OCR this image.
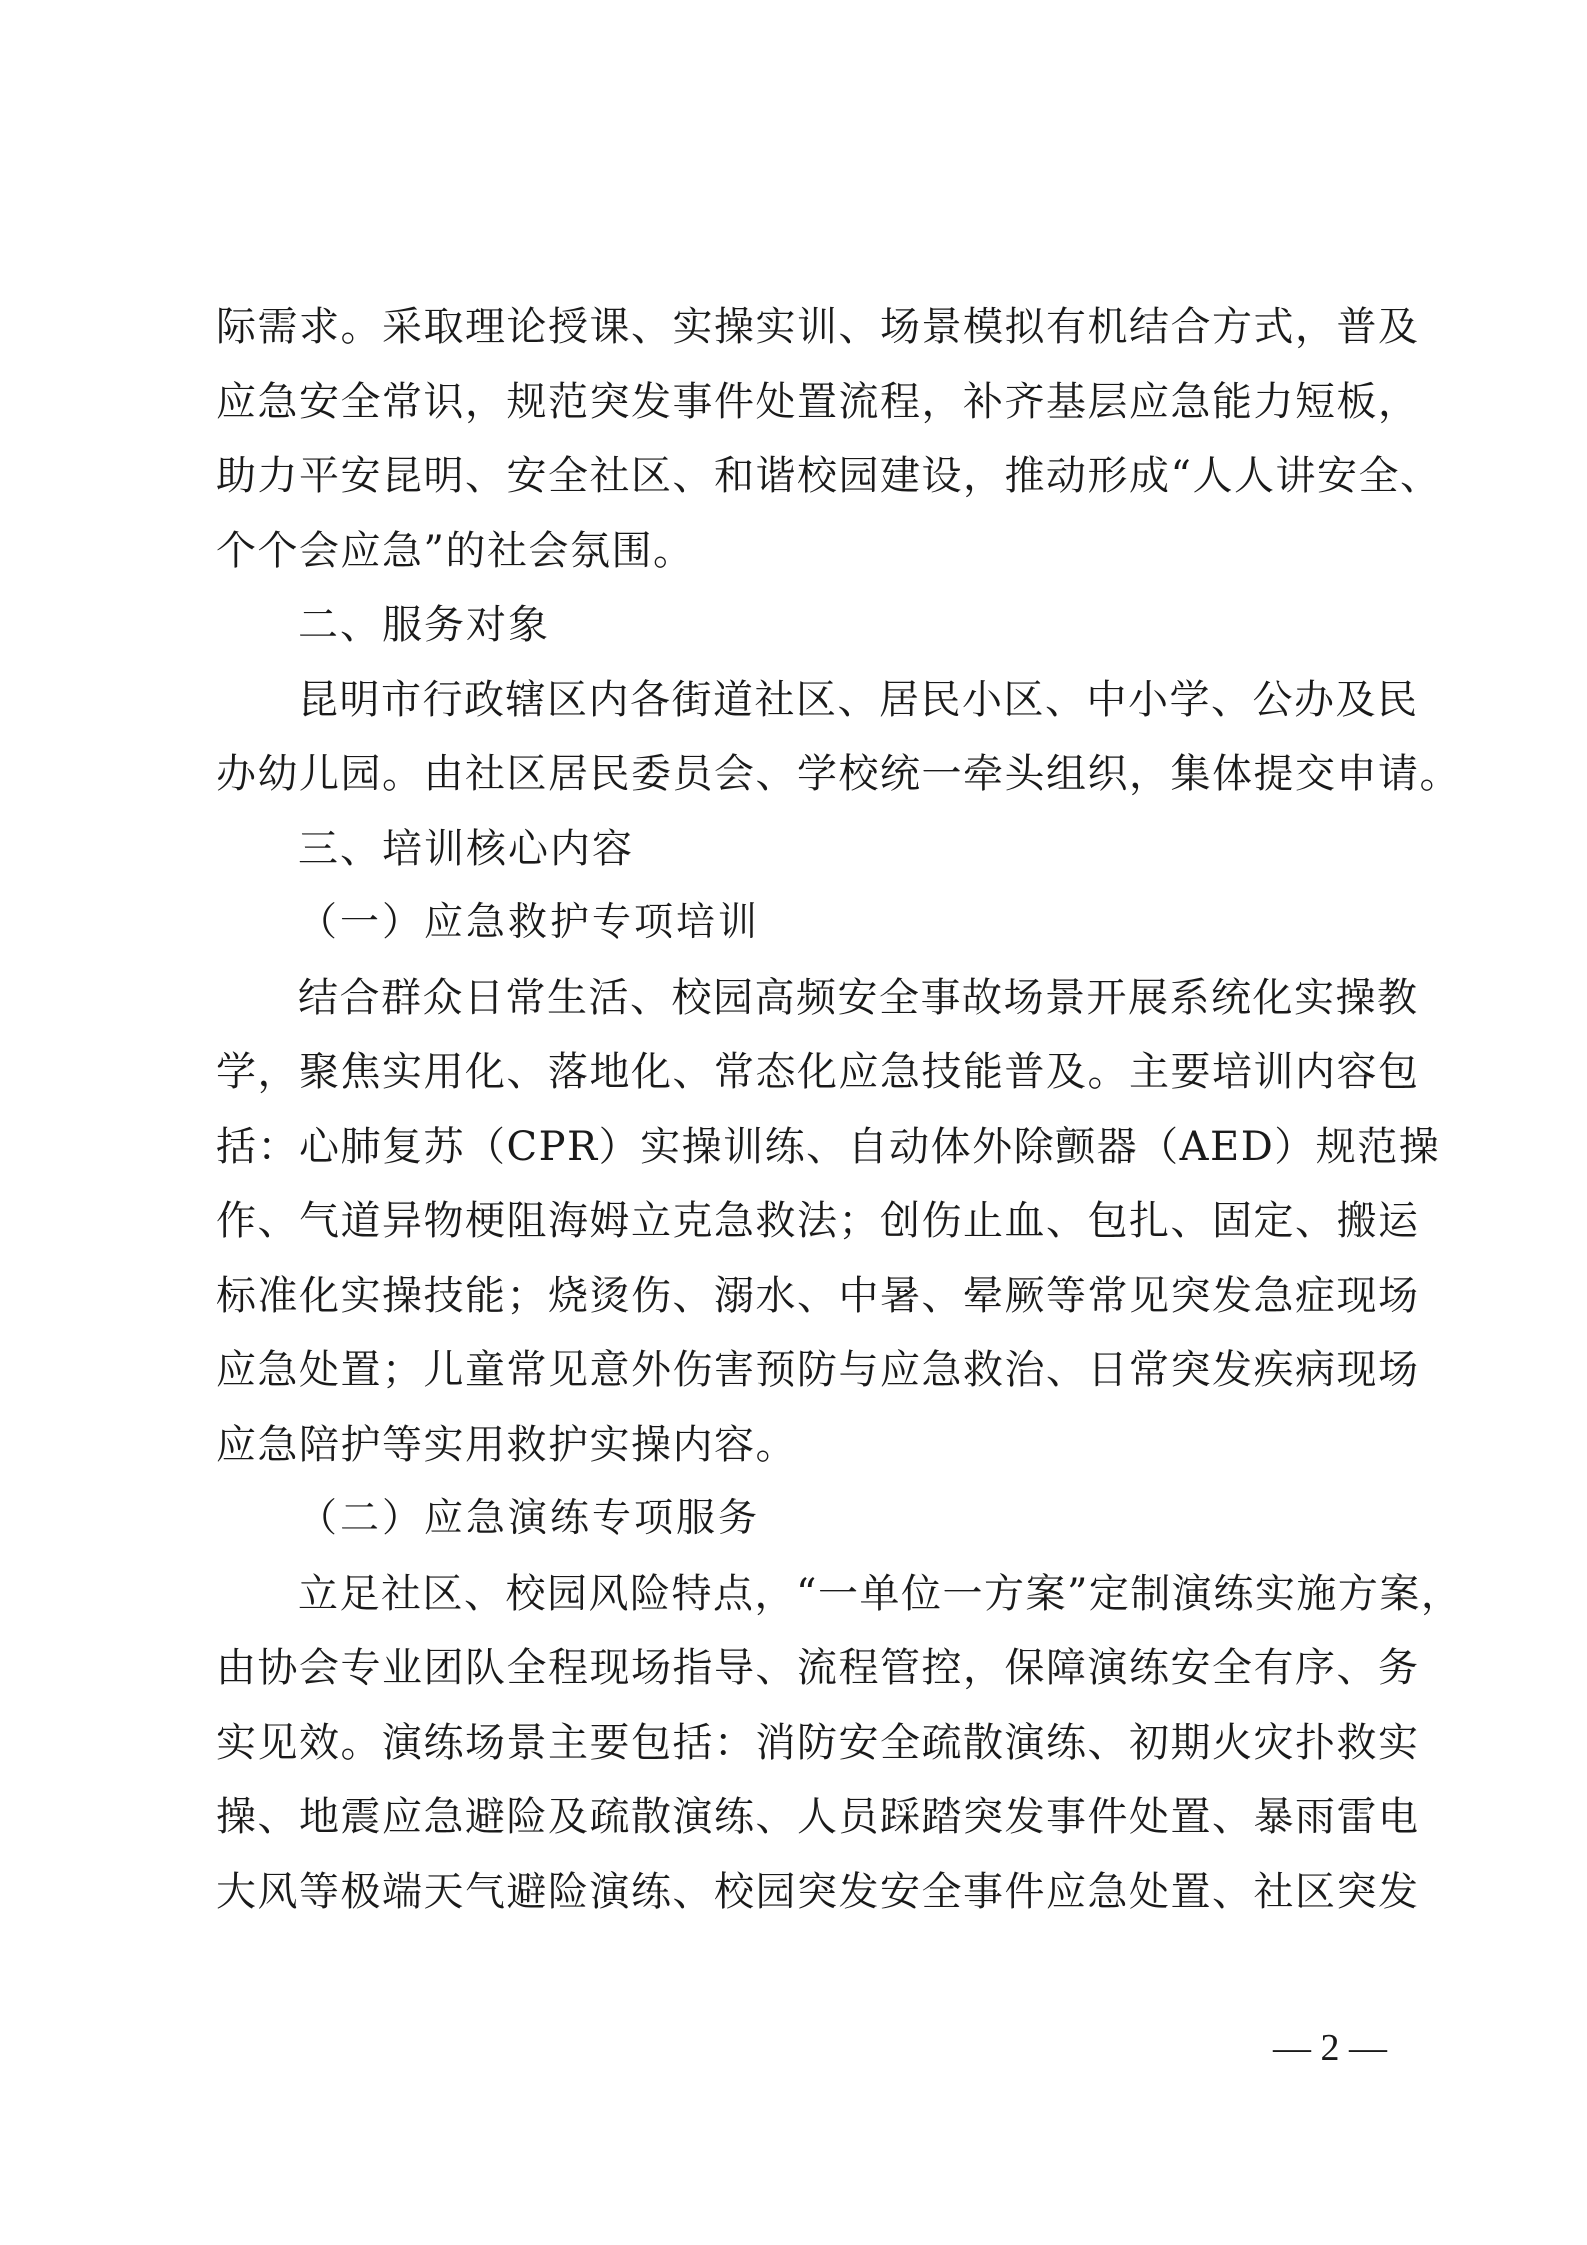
际需求。采取理论授课、实操实训、场景模拟有机结合方式，普及
应急安全常识，规范突发事件处置流程，补齐基层应急能力短板，
助力平安昆明、安全社区、和谐校园建设，推动形成“人人讲安全、
个个会应急”的社会氛围。
二、服务对象
昆明市行政辖区内各街道社区、居民小区、中小学、公办及民
办幼儿园。由社区居民委员会、学校统一牵头组织，集体提交申请。
三、培训核心内容
（一）应急救护专项培训
结合群众日常生活、校园高频安全事故场景开展系统化实操教
学，聚焦实用化、落地化、常态化应急技能普及。主要培训内容包
括：心肺复苏（CPR）实操训练、自动体外除颤器（AED）规范操
作、气道异物梗阻海姆立克急救法；创伤止血、包扎、固定、搬运
标准化实操技能；烧烫伤、溺水、中暑、晕厥等常见突发急症现场
应急处置；儿童常见意外伤害预防与应急救治、日常突发疾病现场
应急陪护等实用救护实操内容。
（二）应急演练专项服务
立足社区、校园风险特点，“一单位一方案”定制演练实施方案，
由协会专业团队全程现场指导、流程管控，保障演练安全有序、务
实见效。演练场景主要包括：消防安全疏散演练、初期火灾扑救实
操、地震应急避险及疏散演练、人员踩踏突发事件处置、暴雨雷电
大风等极端天气避险演练、校园突发安全事件应急处置、社区突发
— 2 —
